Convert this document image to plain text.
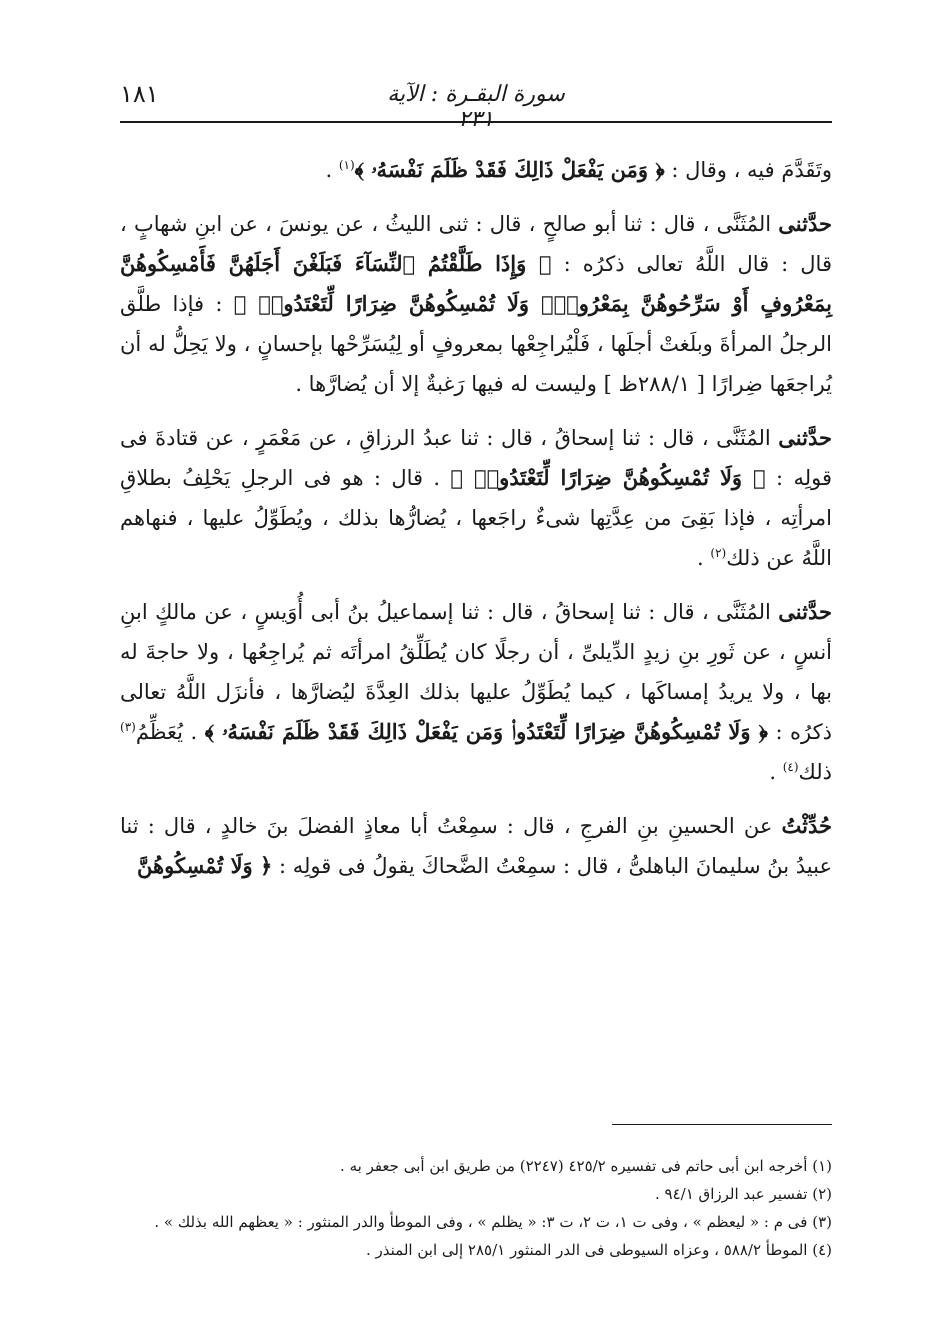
سورة البقـرة : الآية ٢٣١
١٨١

وتَقَدَّمَ فيه ، وقال : ﴿ وَمَن يَفْعَلْ ذَالِكَ فَقَدْ ظَلَمَ نَفْسَهُۥ ﴾$^{(١)}$ .

حدَّثنى المُثَنَّى ، قال : ثنا أبو صالحٍ ، قال : ثنى الليثُ ، عن يونسَ ، عن ابنِ شهابٍ ، قال : قال اللَّهُ تعالى ذكرُه : ﴿ وَإِذَا طَلَّقْتُمُ ٱلنِّسَآءَ فَبَلَغْنَ أَجَلَهُنَّ فَأَمْسِكُوهُنَّ بِمَعْرُوفٍ أَوْ سَرِّحُوهُنَّ بِمَعْرُوفٍۚ وَلَا تُمْسِكُوهُنَّ ضِرَارًا لِّتَعْتَدُوا۟ ﴾ : فإذا طلَّق الرجلُ المرأةَ وبلَغتْ أجلَها ، فَلْيُراجِعْها بمعروفٍ أو لِيُسَرِّحْها بإحسانٍ ، ولا يَحِلُّ له أن يُراجعَها ضِرارًا [ ٢٨٨/١ظ ] وليست له فيها رَغبةٌ إلا أن يُضارَّها .

حدَّثنى المُثَنَّى ، قال : ثنا إسحاقُ ، قال : ثنا عبدُ الرزاقِ ، عن مَعْمَرٍ ، عن قتادةَ فى قولِه : ﴿ وَلَا تُمْسِكُوهُنَّ ضِرَارًا لِّتَعْتَدُوا۟ ﴾ . قال : هو فى الرجلِ يَحْلِفُ بطلاقِ امرأتِه ، فإذا بَقِىَ من عِدَّتِها شىءٌ راجَعها ، يُضارُّها بذلك ، ويُطَوِّلُ عليها ، فنهاهم اللَّهُ عن ذلك$^{(٢)}$ .

حدَّثنى المُثَنَّى ، قال : ثنا إسحاقُ ، قال : ثنا إسماعيلُ بنُ أبى أُوَيسٍ ، عن مالكٍ ابنِ أنسٍ ، عن ثَورِ بنِ زيدٍ الدِّيلىِّ ، أن رجلًا كان يُطَلِّقُ امرأتَه ثم يُراجِعُها ، ولا حاجةَ له بها ، ولا يريدُ إمساكَها ، كيما يُطَوِّلُ عليها بذلك العِدَّةَ ليُضارَّها ، فأنزَل اللَّهُ تعالى ذكرُه : ﴿ وَلَا تُمْسِكُوهُنَّ ضِرَارًا لِّتَعْتَدُوا۟ وَمَن يَفْعَلْ ذَالِكَ فَقَدْ ظَلَمَ نَفْسَهُۥ ﴾ . يُعَظِّمُ$^{(٣)}$ ذلك$^{(٤)}$ .

حُدِّثْتُ عن الحسينِ بنِ الفرجِ ، قال : سمِعْتُ أبا معاذٍ الفضلَ بنَ خالدٍ ، قال : ثنا عبيدُ بنُ سليمانَ الباهلىُّ ، قال : سمِعْتُ الضَّحاكَ يقولُ فى قولِه : ﴿ وَلَا تُمْسِكُوهُنَّ

(١) أخرجه ابن أبى حاتم فى تفسيره ٤٢٥/٢ (٢٢٤٧) من طريق ابن أبى جعفر به .

(٢) تفسير عبد الرزاق ٩٤/١ .

(٣) فى م : « ليعظم » ، وفى ت ١، ت ٢، ت ٣: « يظلم » ، وفى الموطأ والدر المنثور : « يعظهم الله بذلك » .

(٤) الموطأ ٥٨٨/٢ ، وعزاه السيوطى فى الدر المنثور ٢٨٥/١ إلى ابن المنذر .
